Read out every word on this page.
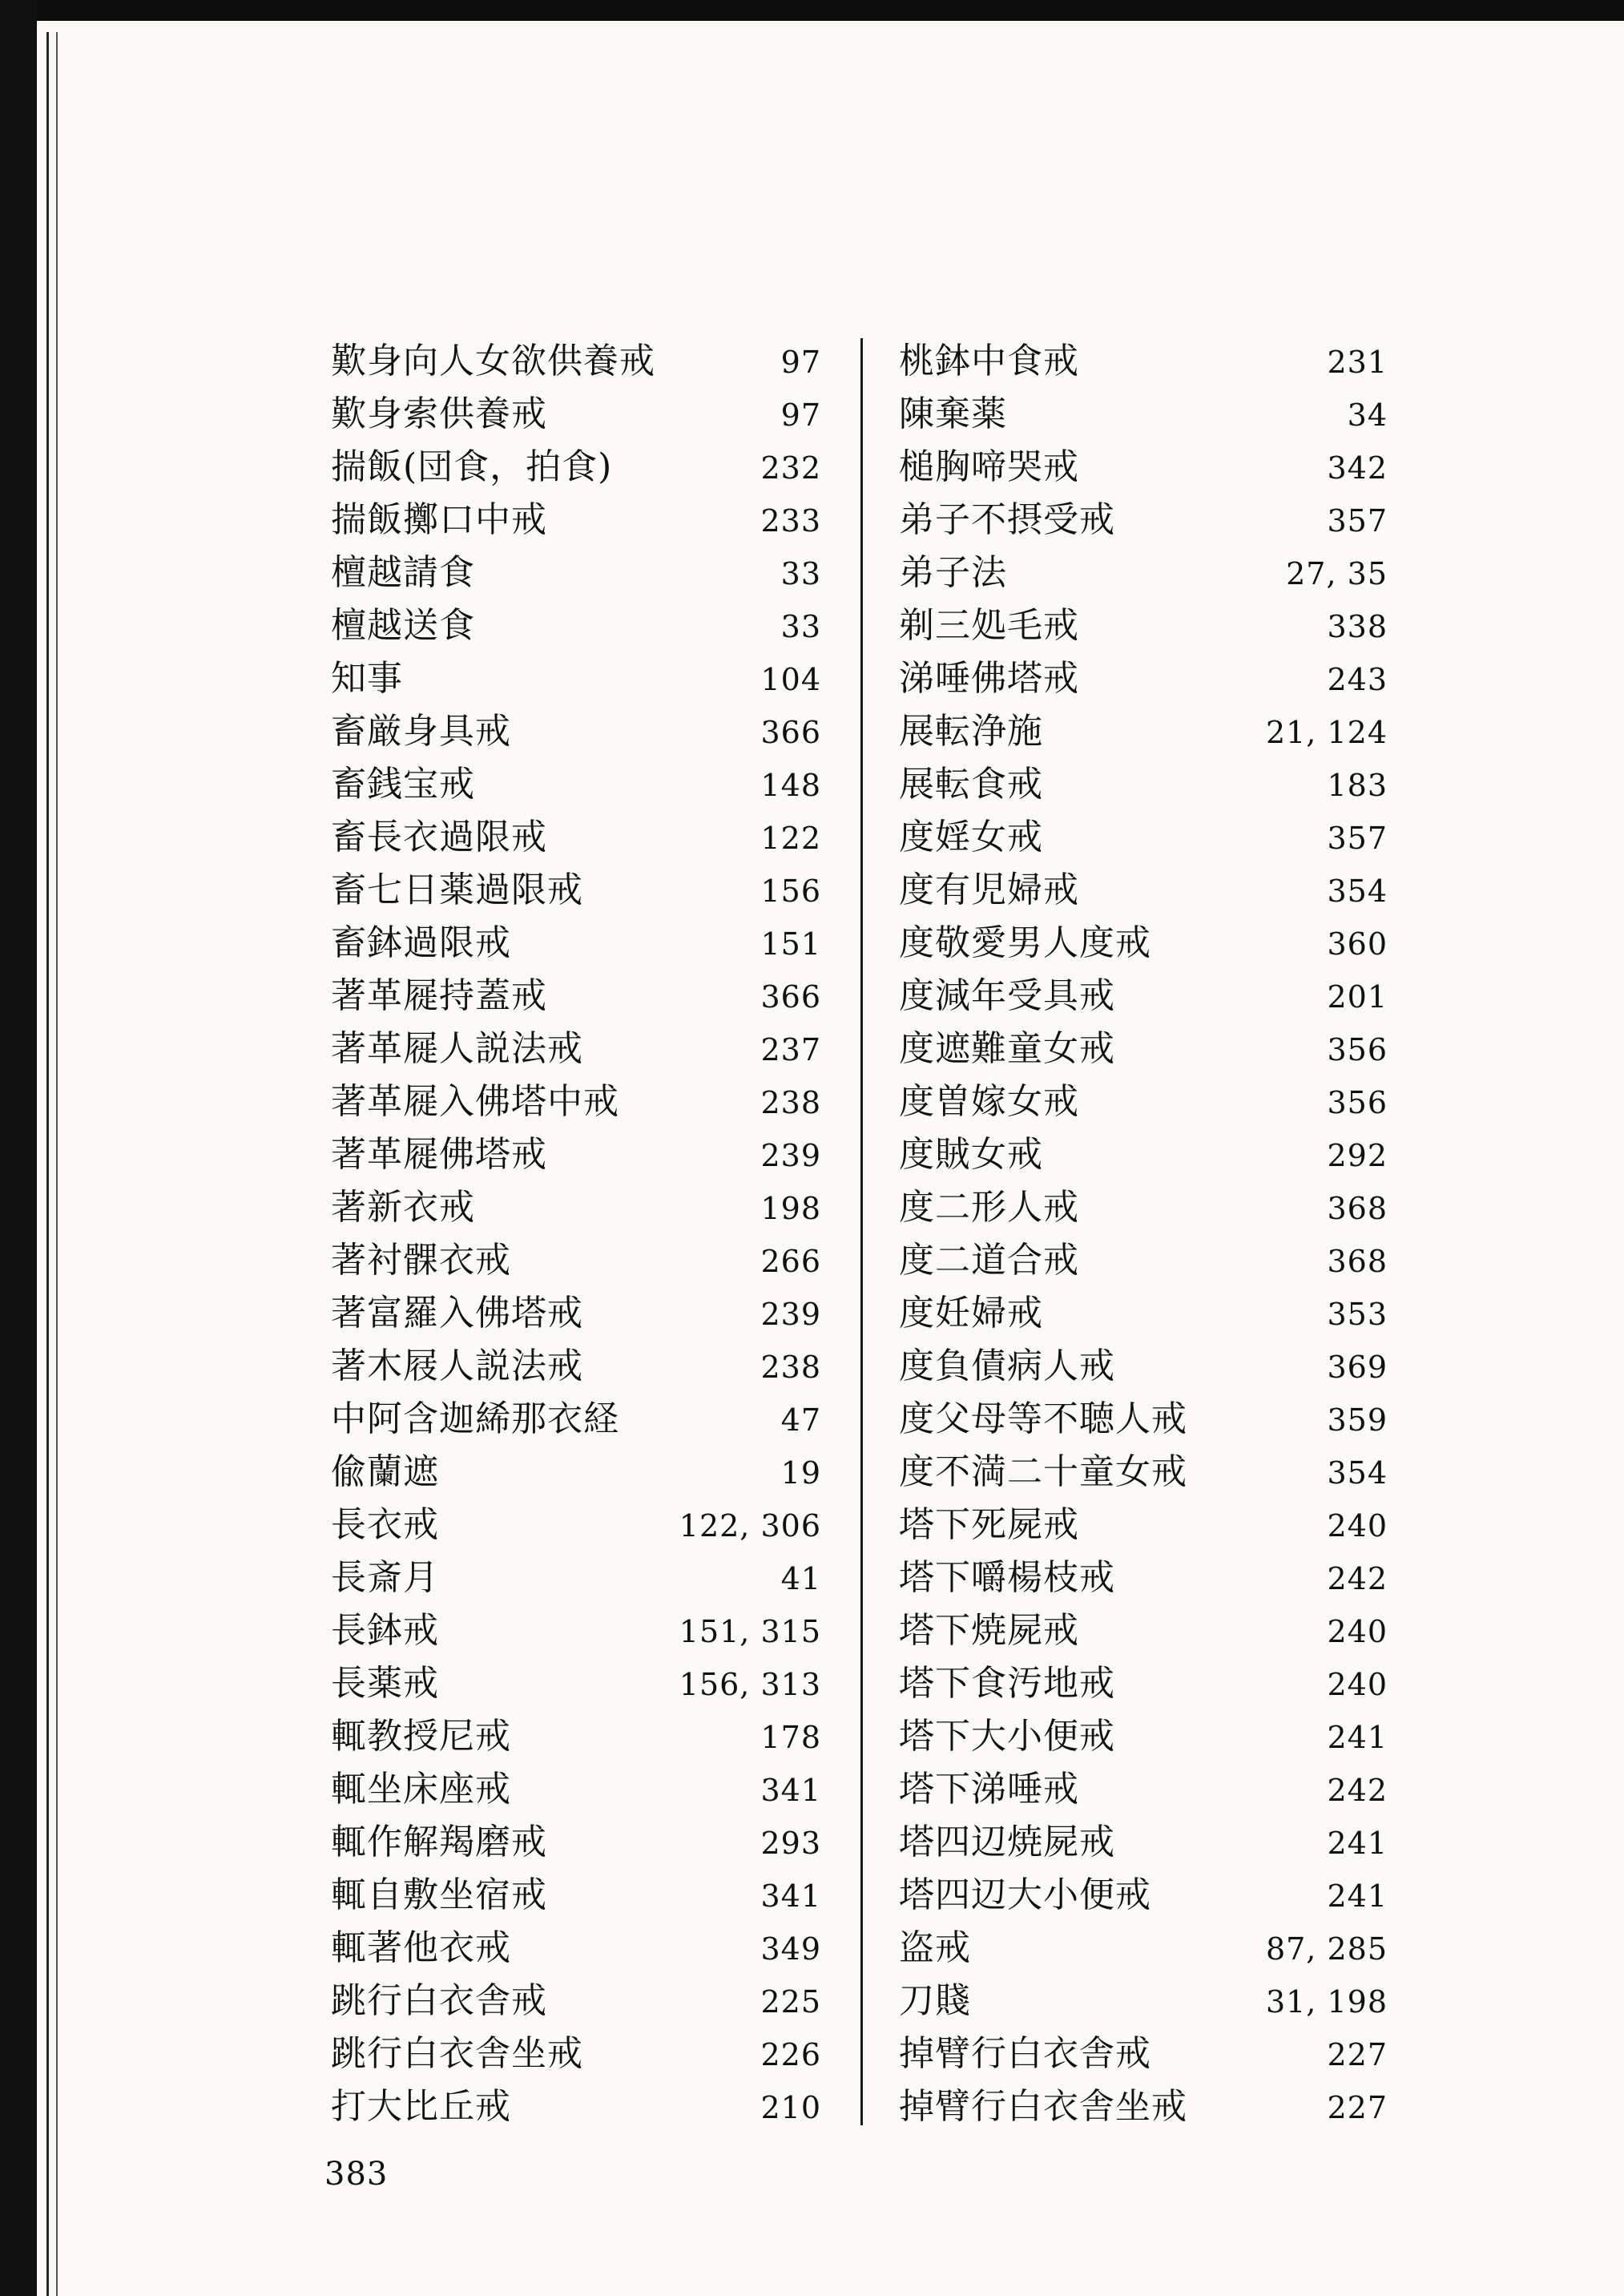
歎身向人女欲供養戒	97
歎身索供養戒	97
揣飯(団食，拍食)	232
揣飯擲口中戒	233
檀越請食	33
檀越送食	33
知事	104
畜厳身具戒	366
畜銭宝戒	148
畜長衣過限戒	122
畜七日薬過限戒	156
畜鉢過限戒	151
著革屣持蓋戒	366
著革屣人説法戒	237
著革屣入佛塔中戒	238
著革屣佛塔戒	239
著新衣戒	198
著衬髁衣戒	266
著富羅入佛塔戒	239
著木屐人説法戒	238
中阿含迦絺那衣経	47
偸蘭遮	19
長衣戒	122, 306
長斎月	41
長鉢戒	151, 315
長薬戒	156, 313
輒教授尼戒	178
輒坐床座戒	341
輒作解羯磨戒	293
輒自敷坐宿戒	341
輒著他衣戒	349
跳行白衣舎戒	225
跳行白衣舎坐戒	226
打大比丘戒	210
桃鉢中食戒	231
陳棄薬	34
槌胸啼哭戒	342
弟子不摂受戒	357
弟子法	27, 35
剃三処毛戒	338
涕唾佛塔戒	243
展転浄施	21, 124
展転食戒	183
度婬女戒	357
度有児婦戒	354
度敬愛男人度戒	360
度減年受具戒	201
度遮難童女戒	356
度曽嫁女戒	356
度賊女戒	292
度二形人戒	368
度二道合戒	368
度妊婦戒	353
度負債病人戒	369
度父母等不聴人戒	359
度不満二十童女戒	354
塔下死屍戒	240
塔下嚼楊枝戒	242
塔下焼屍戒	240
塔下食汚地戒	240
塔下大小便戒	241
塔下涕唾戒	242
塔四辺焼屍戒	241
塔四辺大小便戒	241
盗戒	87, 285
刀賤	31, 198
掉臂行白衣舎戒	227
掉臂行白衣舎坐戒	227
383
